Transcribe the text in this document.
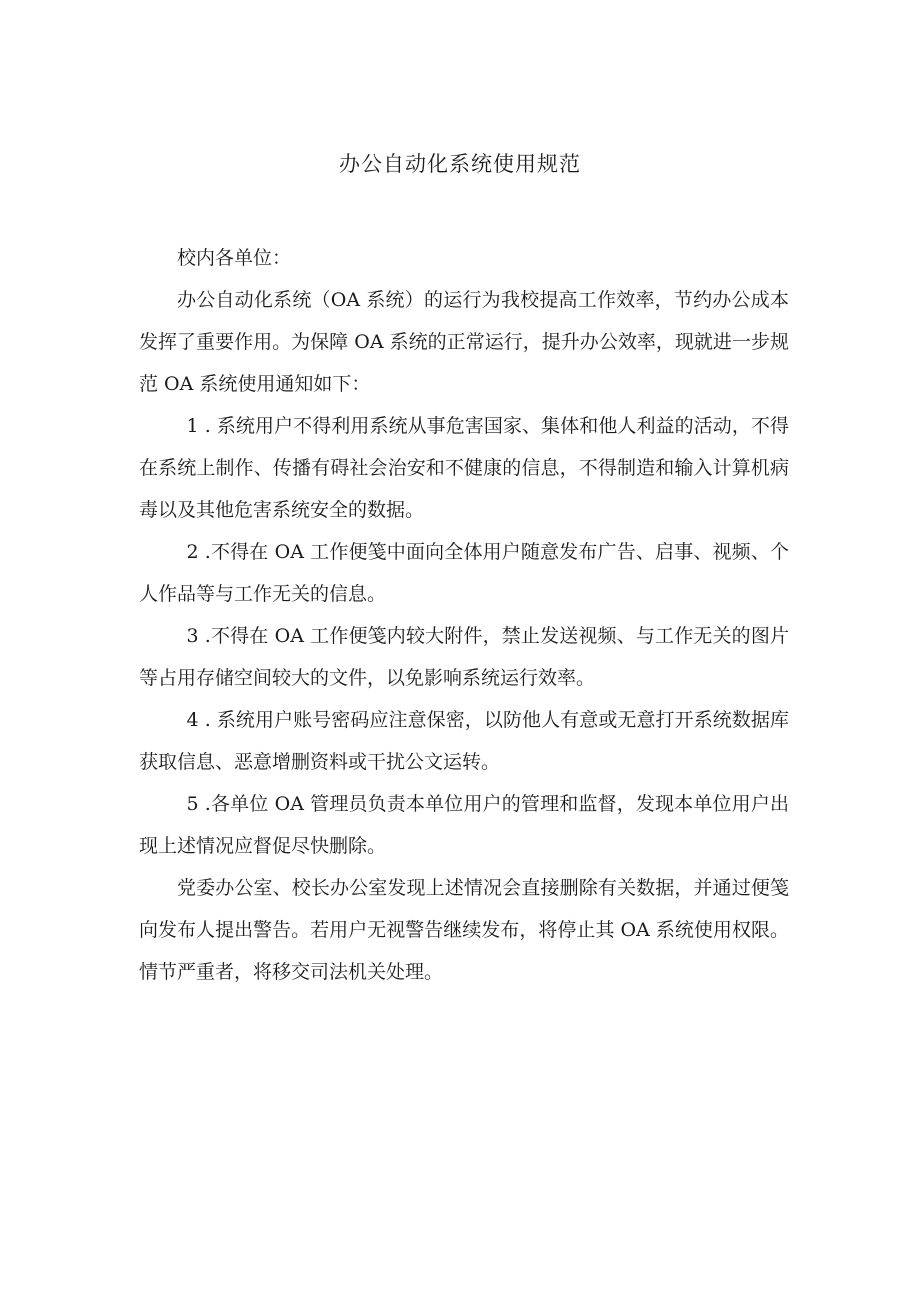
办公自动化系统使用规范

校内各单位：

办公自动化系统（OA 系统）的运行为我校提高工作效率，节约办公成本发挥了重要作用。为保障 OA 系统的正常运行，提升办公效率，现就进一步规范 OA 系统使用通知如下：

1 . 系统用户不得利用系统从事危害国家、集体和他人利益的活动，不得在系统上制作、传播有碍社会治安和不健康的信息，不得制造和输入计算机病毒以及其他危害系统安全的数据。

2 .不得在 OA 工作便笺中面向全体用户随意发布广告、启事、视频、个人作品等与工作无关的信息。

3 .不得在 OA 工作便笺内较大附件，禁止发送视频、与工作无关的图片等占用存储空间较大的文件，以免影响系统运行效率。

4 . 系统用户账号密码应注意保密，以防他人有意或无意打开系统数据库获取信息、恶意增删资料或干扰公文运转。

5 .各单位 OA 管理员负责本单位用户的管理和监督，发现本单位用户出现上述情况应督促尽快删除。

党委办公室、校长办公室发现上述情况会直接删除有关数据，并通过便笺向发布人提出警告。若用户无视警告继续发布，将停止其 OA 系统使用权限。情节严重者，将移交司法机关处理。
